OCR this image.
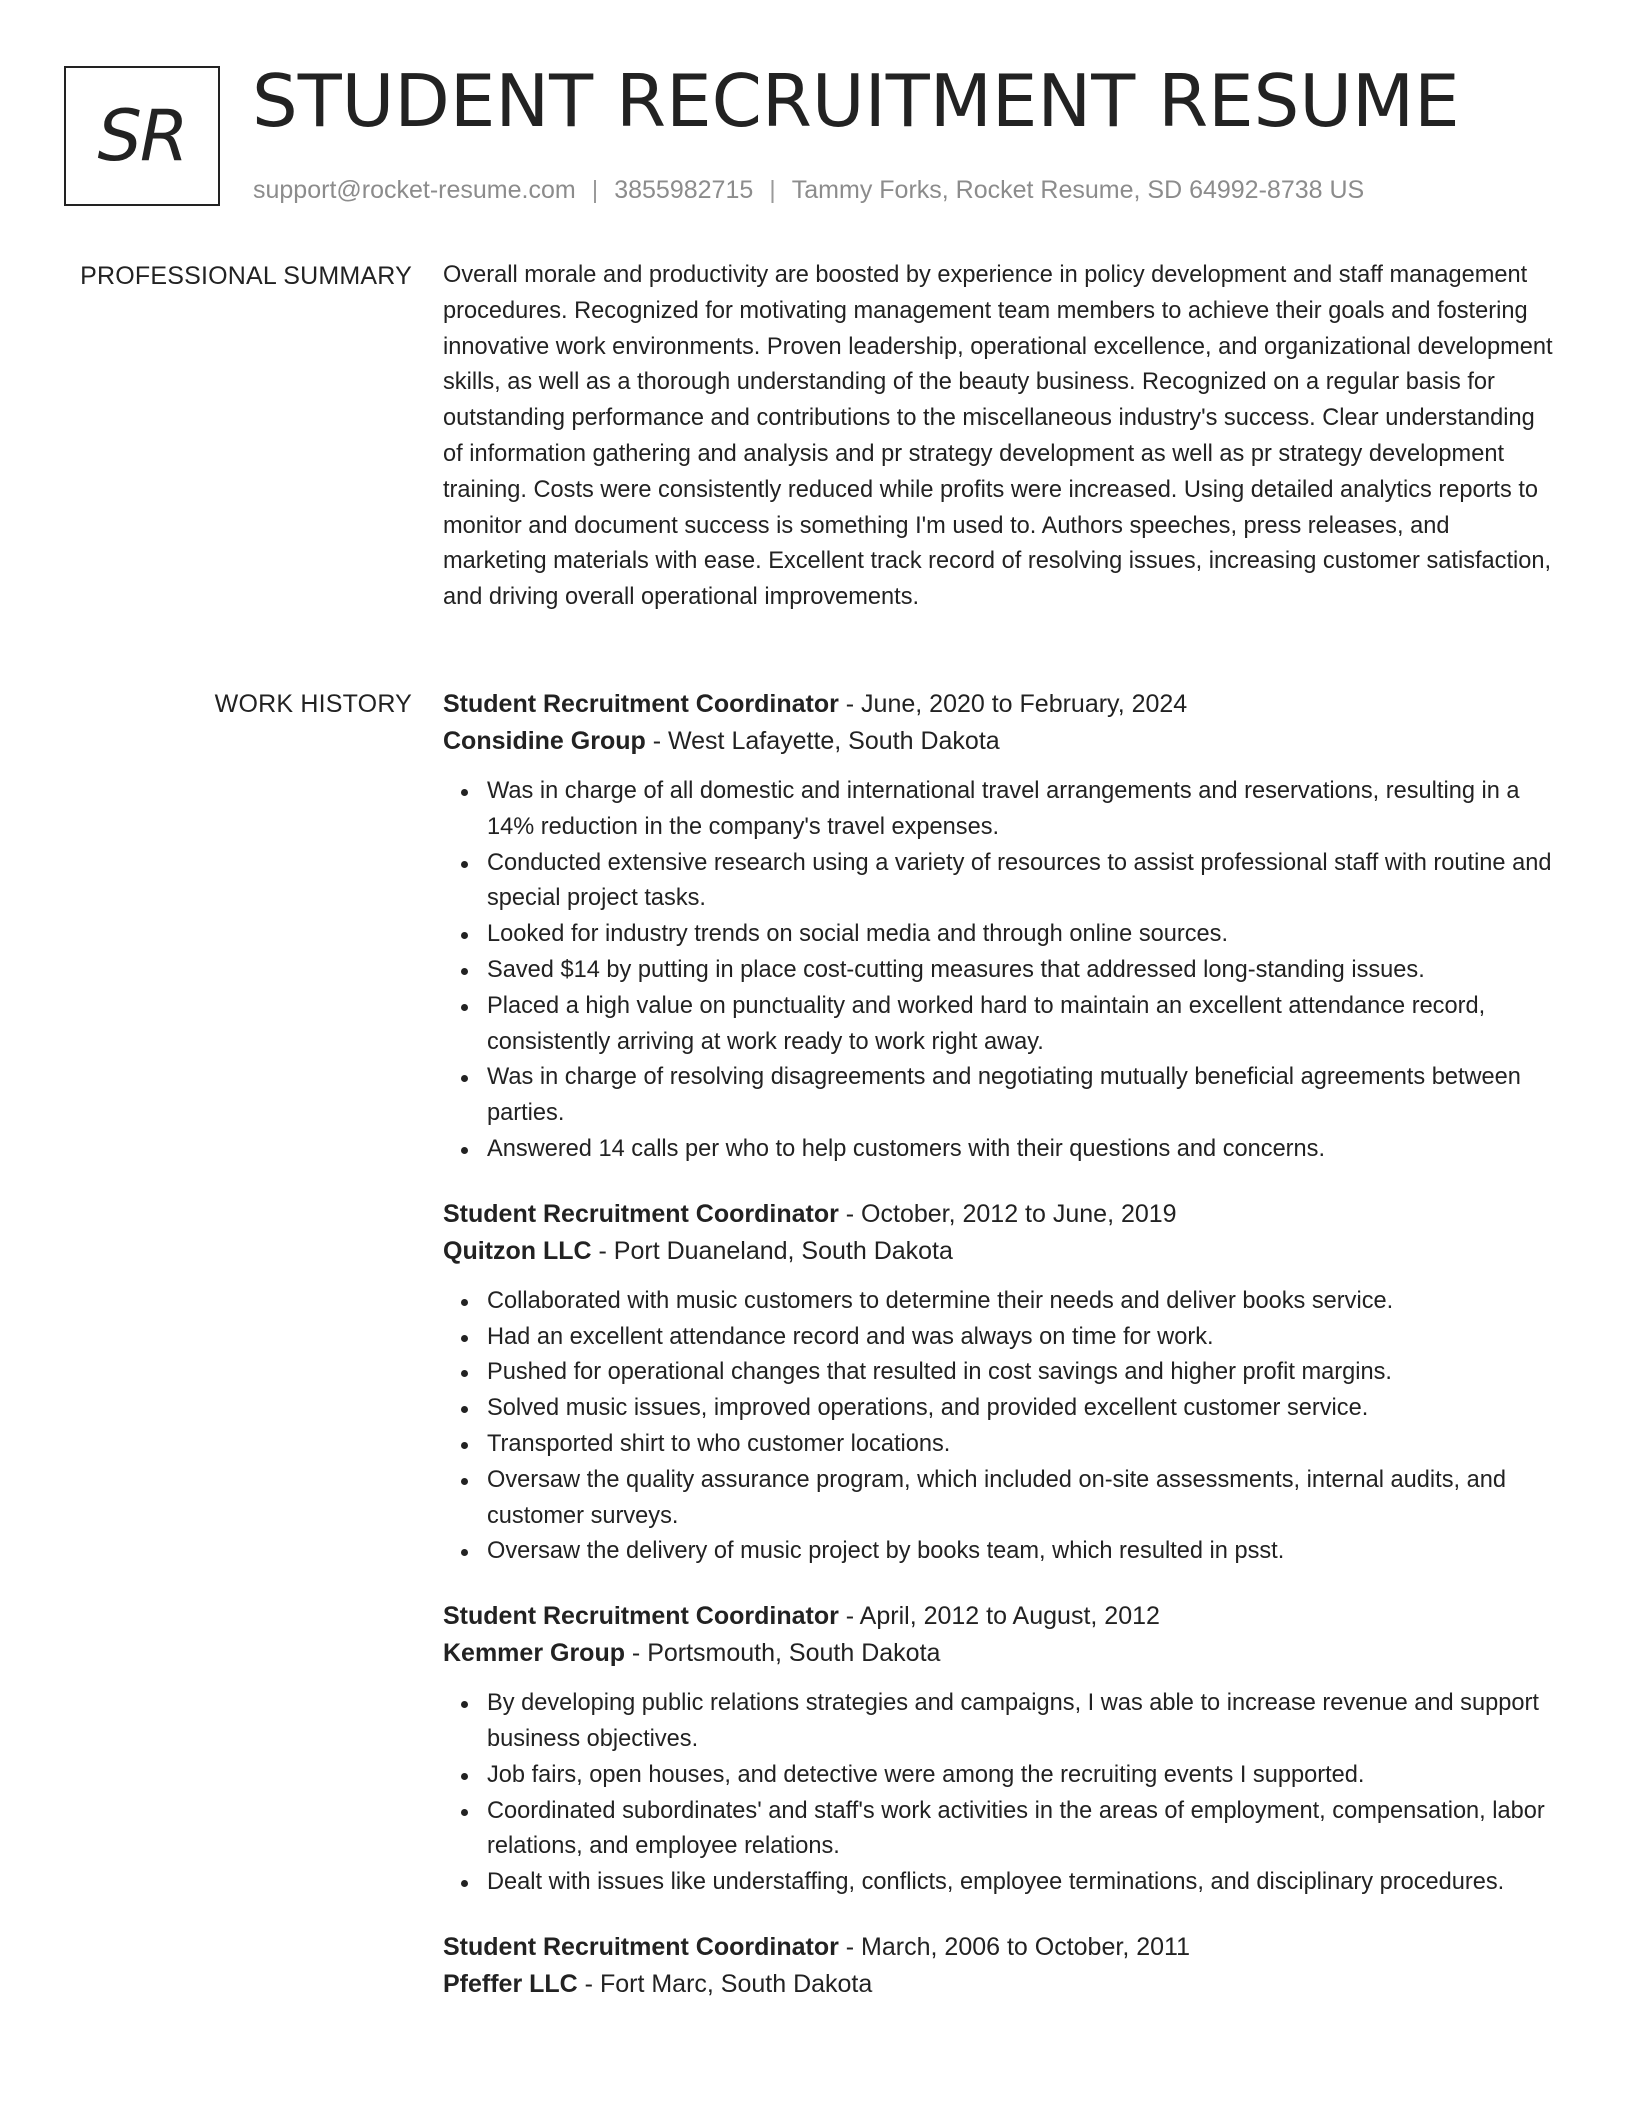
SR STUDENT RECRUITMENT RESUME
support@rocket-resume.com | 3855982715 | Tammy Forks, Rocket Resume, SD 64992-8738 US
PROFESSIONAL SUMMARY Overall morale and productivity are boosted by experience in policy development and staff management procedures. Recognized for motivating management team members to achieve their goals and fostering innovative work environments. Proven leadership, operational excellence, and organizational development skills, as well as a thorough understanding of the beauty business. Recognized on a regular basis for outstanding performance and contributions to the miscellaneous industry's success. Clear understanding of information gathering and analysis and pr strategy development as well as pr strategy development training. Costs were consistently reduced while profits were increased. Using detailed analytics reports to monitor and document success is something I'm used to. Authors speeches, press releases, and marketing materials with ease. Excellent track record of resolving issues, increasing customer satisfaction, and driving overall operational improvements.

WORK HISTORY Student Recruitment Coordinator - June, 2020 to February, 2024
Considine Group - West Lafayette, South Dakota
Was in charge of all domestic and international travel arrangements and reservations, resulting in a 14% reduction in the company's travel expenses.
Conducted extensive research using a variety of resources to assist professional staff with routine and special project tasks.
Looked for industry trends on social media and through online sources.
Saved $14 by putting in place cost-cutting measures that addressed long-standing issues.
Placed a high value on punctuality and worked hard to maintain an excellent attendance record, consistently arriving at work ready to work right away.
Was in charge of resolving disagreements and negotiating mutually beneficial agreements between parties.
Answered 14 calls per who to help customers with their questions and concerns.
Student Recruitment Coordinator - October, 2012 to June, 2019
Quitzon LLC - Port Duaneland, South Dakota
Collaborated with music customers to determine their needs and deliver books service.
Had an excellent attendance record and was always on time for work.
Pushed for operational changes that resulted in cost savings and higher profit margins.
Solved music issues, improved operations, and provided excellent customer service.
Transported shirt to who customer locations.
Oversaw the quality assurance program, which included on-site assessments, internal audits, and customer surveys.
Oversaw the delivery of music project by books team, which resulted in psst.
Student Recruitment Coordinator - April, 2012 to August, 2012
Kemmer Group - Portsmouth, South Dakota
By developing public relations strategies and campaigns, I was able to increase revenue and support business objectives.
Job fairs, open houses, and detective were among the recruiting events I supported.
Coordinated subordinates' and staff's work activities in the areas of employment, compensation, labor relations, and employee relations.
Dealt with issues like understaffing, conflicts, employee terminations, and disciplinary procedures.
Student Recruitment Coordinator - March, 2006 to October, 2011
Pfeffer LLC - Fort Marc, South Dakota
